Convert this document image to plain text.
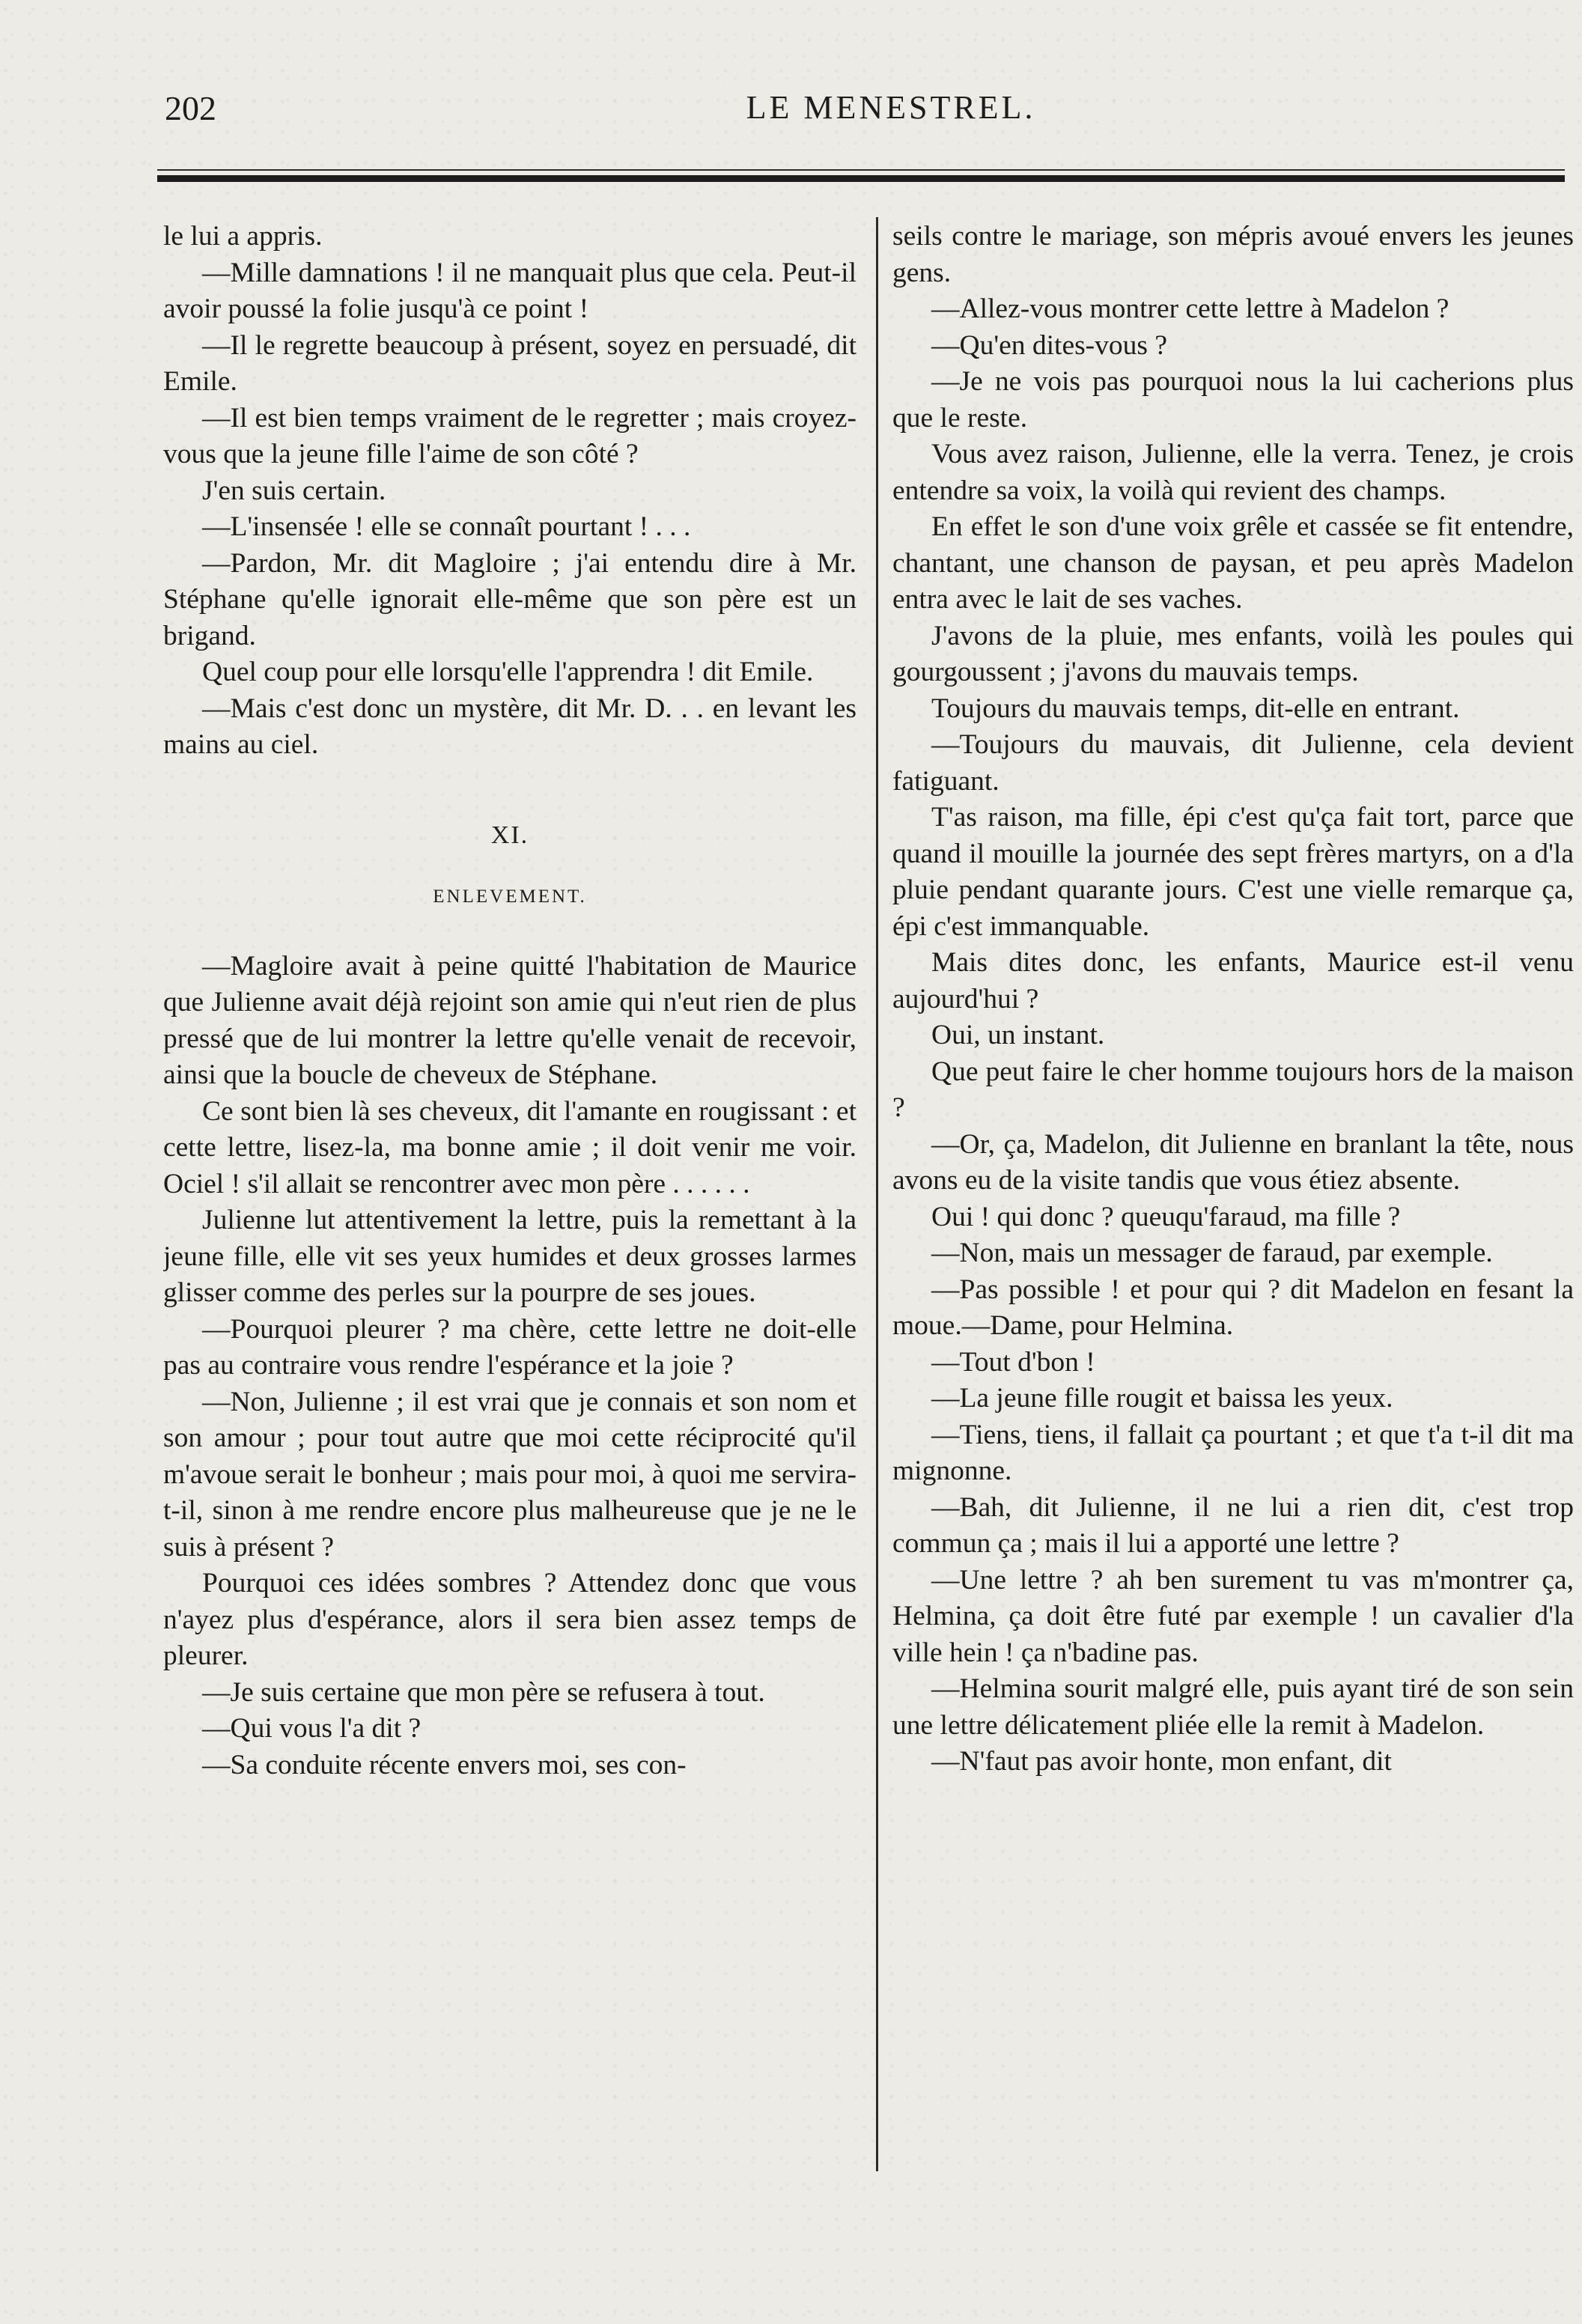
202	LE MENESTREL.

le lui a appris.

—Mille damnations ! il ne manquait plus que cela. Peut-il avoir poussé la folie jusqu'à ce point !

—Il le regrette beaucoup à présent, soyez en persuadé, dit Emile.

—Il est bien temps vraiment de le regretter ; mais croyez-vous que la jeune fille l'aime de son côté ?

J'en suis certain.

—L'insensée ! elle se connaît pourtant ! . . .

—Pardon, Mr. dit Magloire ; j'ai entendu dire à Mr. Stéphane qu'elle ignorait elle-même que son père est un brigand.

Quel coup pour elle lorsqu'elle l'apprendra ! dit Emile.

—Mais c'est donc un mystère, dit Mr. D. . . en levant les mains au ciel.

XI.
ENLEVEMENT.

—Magloire avait à peine quitté l'habitation de Maurice que Julienne avait déjà rejoint son amie qui n'eut rien de plus pressé que de lui montrer la lettre qu'elle venait de recevoir, ainsi que la boucle de cheveux de Stéphane.

Ce sont bien là ses cheveux, dit l'amante en rougissant : et cette lettre, lisez-la, ma bonne amie ; il doit venir me voir. Ociel ! s'il allait se rencontrer avec mon père . . . . . .

Julienne lut attentivement la lettre, puis la remettant à la jeune fille, elle vit ses yeux humides et deux grosses larmes glisser comme des perles sur la pourpre de ses joues.

—Pourquoi pleurer ? ma chère, cette lettre ne doit-elle pas au contraire vous rendre l'espérance et la joie ?

—Non, Julienne ; il est vrai que je connais et son nom et son amour ; pour tout autre que moi cette réciprocité qu'il m'avoue serait le bonheur ; mais pour moi, à quoi me servira-t-il, sinon à me rendre encore plus malheureuse que je ne le suis à présent ?

Pourquoi ces idées sombres ? Attendez donc que vous n'ayez plus d'espérance, alors il sera bien assez temps de pleurer.

—Je suis certaine que mon père se refusera à tout.

—Qui vous l'a dit ?

—Sa conduite récente envers moi, ses con-

seils contre le mariage, son mépris avoué envers les jeunes gens.

—Allez-vous montrer cette lettre à Madelon ?

—Qu'en dites-vous ?

—Je ne vois pas pourquoi nous la lui cacherions plus que le reste.

Vous avez raison, Julienne, elle la verra. Tenez, je crois entendre sa voix, la voilà qui revient des champs.

En effet le son d'une voix grêle et cassée se fit entendre, chantant, une chanson de paysan, et peu après Madelon entra avec le lait de ses vaches.

J'avons de la pluie, mes enfants, voilà les poules qui gourgoussent ; j'avons du mauvais temps.

Toujours du mauvais temps, dit-elle en entrant.

—Toujours du mauvais, dit Julienne, cela devient fatiguant.

T'as raison, ma fille, épi c'est qu'ça fait tort, parce que quand il mouille la journée des sept frères martyrs, on a d'la pluie pendant quarante jours. C'est une vielle remarque ça, épi c'est immanquable.

Mais dites donc, les enfants, Maurice est-il venu aujourd'hui ?

Oui, un instant.

Que peut faire le cher homme toujours hors de la maison ?

—Or, ça, Madelon, dit Julienne en branlant la tête, nous avons eu de la visite tandis que vous étiez absente.

Oui ! qui donc ? queuqu'faraud, ma fille ?

—Non, mais un messager de faraud, par exemple.

—Pas possible ! et pour qui ? dit Madelon en fesant la moue.—Dame, pour Helmina.

—Tout d'bon !

—La jeune fille rougit et baissa les yeux.

—Tiens, tiens, il fallait ça pourtant ; et que t'a t-il dit ma mignonne.

—Bah, dit Julienne, il ne lui a rien dit, c'est trop commun ça ; mais il lui a apporté une lettre ?

—Une lettre ? ah ben surement tu vas m'montrer ça, Helmina, ça doit être futé par exemple ! un cavalier d'la ville hein ! ça n'badine pas.

—Helmina sourit malgré elle, puis ayant tiré de son sein une lettre délicatement pliée elle la remit à Madelon.

—N'faut pas avoir honte, mon enfant, dit
